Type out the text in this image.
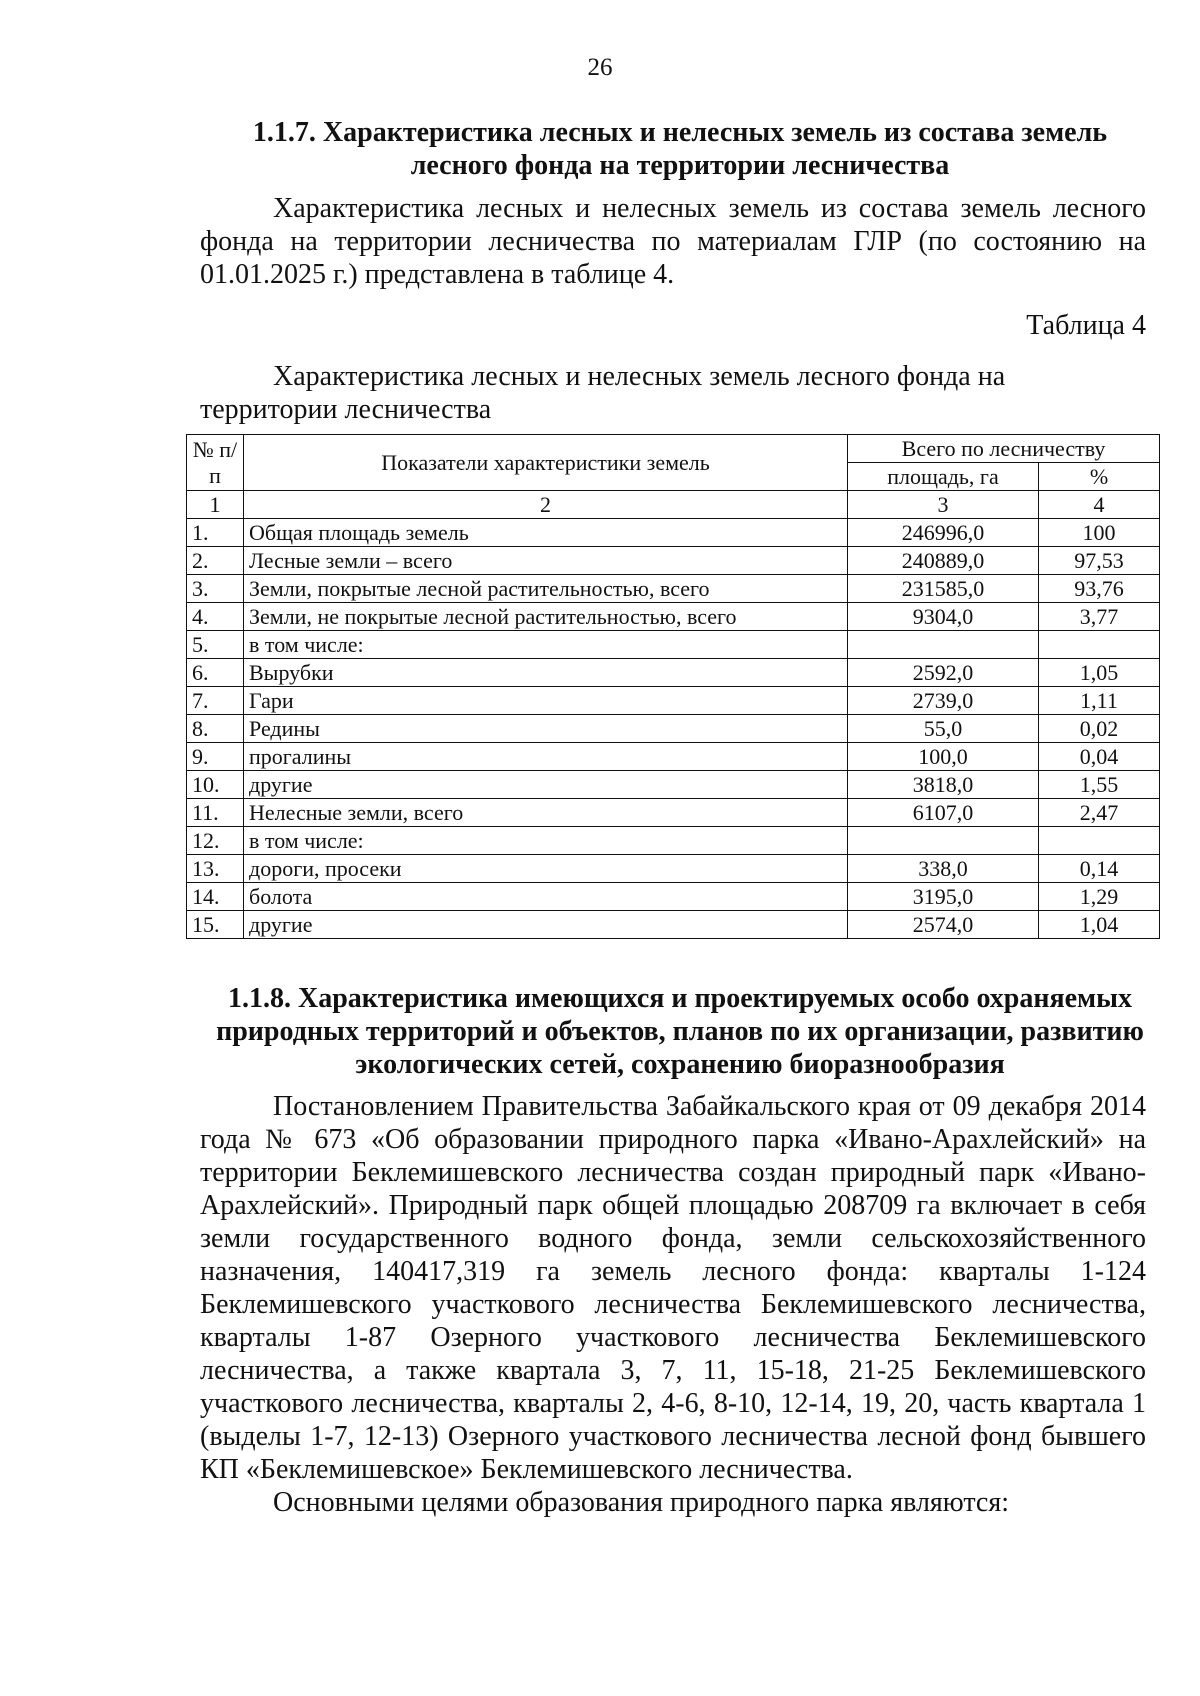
26
1.1.7. Характеристика лесных и нелесных земель из состава земель
лесного фонда на территории лесничества

Характеристика лесных и нелесных земель из состава земель лесного фонда на территории лесничества по материалам ГЛР (по состоянию на 01.01.2025 г.) представлена в таблице 4.

Таблица 4

Характеристика лесных и нелесных земель лесного фонда на территории лесничества

№ п/п	Показатели характеристики земель	Всего по лесничеству	
		площадь, га	%
1	2	3	4
1.	Общая площадь земель	246996,0	100
2.	Лесные земли – всего	240889,0	97,53
3.	Земли, покрытые лесной растительностью, всего	231585,0	93,76
4.	Земли, не покрытые лесной растительностью, всего	9304,0	3,77
5.	в том числе:		
6.	Вырубки	2592,0	1,05
7.	Гари	2739,0	1,11
8.	Редины	55,0	0,02
9.	прогалины	100,0	0,04
10.	другие	3818,0	1,55
11.	Нелесные земли, всего	6107,0	2,47
12.	в том числе:		
13.	дороги, просеки	338,0	0,14
14.	болота	3195,0	1,29
15.	другие	2574,0	1,04
1.1.8. Характеристика имеющихся и проектируемых особо охраняемых
природных территорий и объектов, планов по их организации, развитию
экологических сетей, сохранению биоразнообразия

Постановлением Правительства Забайкальского края от 09 декабря 2014 года № 673 «Об образовании природного парка «Ивано-Арахлейский» на территории Беклемишевского лесничества создан природный парк «Ивано-Арахлейский». Природный парк общей площадью 208709 га включает в себя земли государственного водного фонда, земли сельскохозяйственного назначения, 140417,319 га земель лесного фонда: кварталы 1-124 Беклемишевского участкового лесничества Беклемишевского лесничества, кварталы 1-87 Озерного участкового лесничества Беклемишевского лесничества, а также квартала 3, 7, 11, 15-18, 21-25 Беклемишевского участкового лесничества, кварталы 2, 4-6, 8-10, 12-14, 19, 20, часть квартала 1 (выделы 1-7, 12-13) Озерного участкового лесничества лесной фонд бывшего КП «Беклемишевское» Беклемишевского лесничества.

Основными целями образования природного парка являются:
